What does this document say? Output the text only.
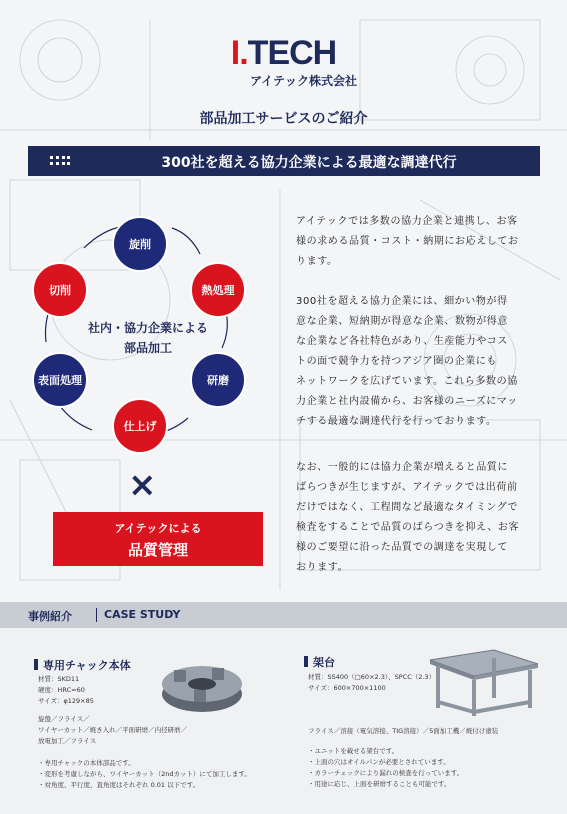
I.TECH
アイテック株式会社
部品加工サービスのご紹介
300社を超える協力企業による最適な調達代行
旋削
熱処理
研磨
仕上げ
表面処理
切削
社内・協力企業による
部品加工
×
アイテックによる
品質管理
アイテックでは多数の協力企業と連携し、お客
様の求める品質・コスト・納期にお応えしてお
ります。
300社を超える協力企業には、細かい物が得
意な企業、短納期が得意な企業、数物が得意
な企業など各社特色があり、生産能力やコス
トの面で競争力を持つアジア圏の企業にも
ネットワークを広げています。これら多数の協
力企業と社内設備から、お客様のニーズにマッ
チする最適な調達代行を行っております。
なお、一般的には協力企業が増えると品質に
ばらつきが生じますが、アイテックでは出荷前
だけではなく、工程間など最適なタイミングで
検査をすることで品質のばらつきを抑え、お客
様のご要望に沿った品質での調達を実現して
おります。
事例紹介	CASE STUDY
専用チャック本体
材質：SKD11
硬度：HRC=60
サイズ：φ129×85
旋盤／フライス／
ワイヤーカット／焼き入れ／平面研磨／内径研磨／
放電加工／フライス
・専用チャックの本体部品です。
・変形を考慮しながら、ワイヤーカット（2ndカット）にて加工します。
・対角度、平行度、直角度はそれぞれ 0.01 以下です。
架台
材質：SS400（□60×2.3）、SPCC（2.3）
サイズ：600×700×1100
フライス／溶接（電気溶接、TIG溶接）／5面加工機／焼付け塗装
・ユニットを載せる架台です。
・上面の穴はオイルパンが必要とされています。
・カラーチェックにより漏れの検査を行っています。
・用途に応じ、上面を研磨することも可能です。
